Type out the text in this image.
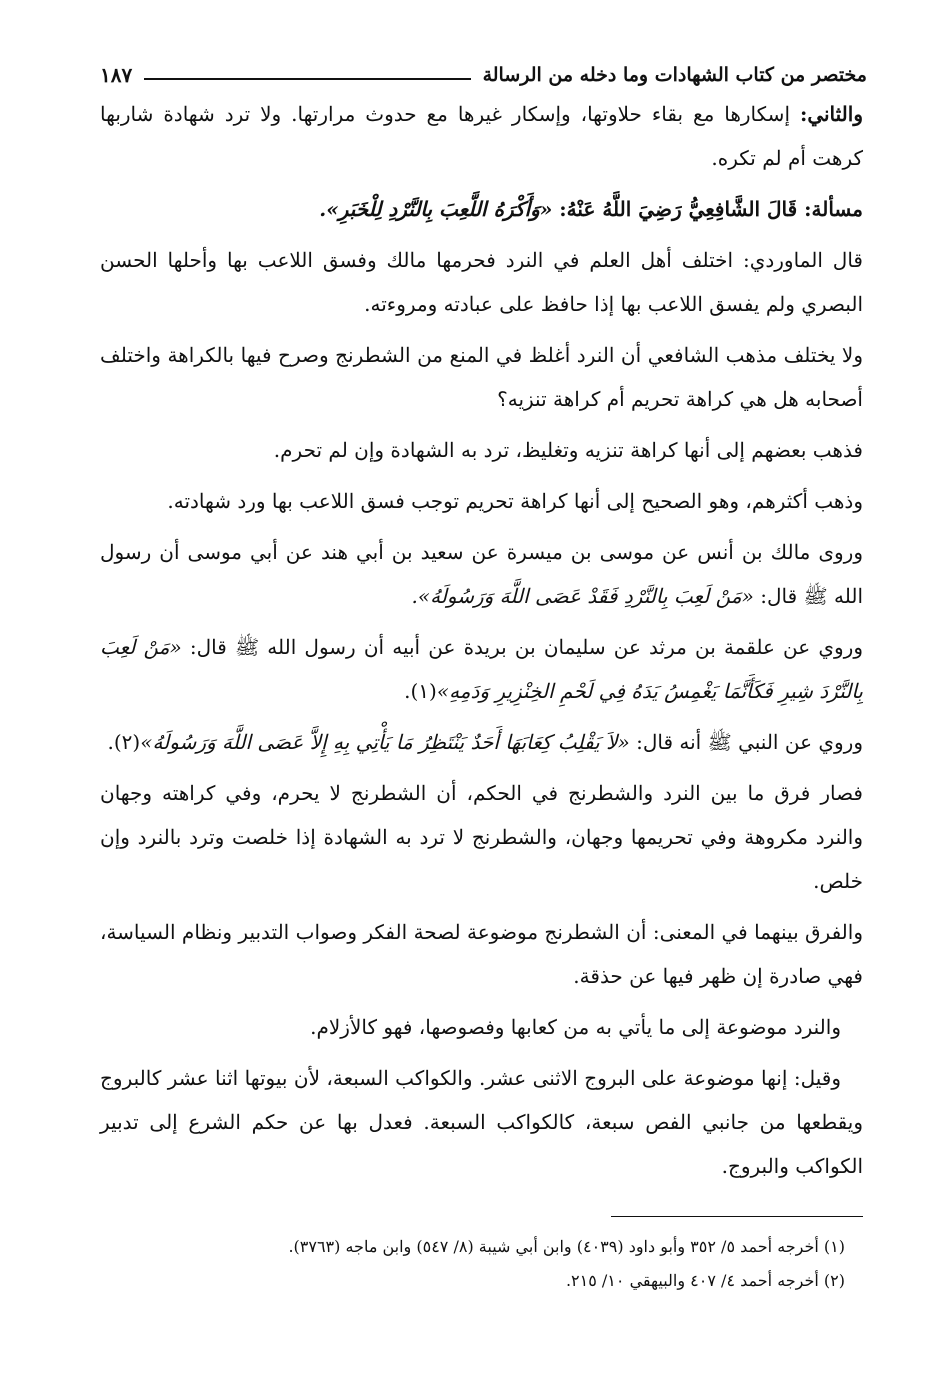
مختصر من كتاب الشهادات وما دخله من الرسالة
١٨٧

والثاني: إسكارها مع بقاء حلاوتها، وإسكار غيرها مع حدوث مرارتها. ولا ترد شهادة شاربها كرهت أم لم تكره.

مسألة: قَالَ الشَّافِعِيُّ رَضِيَ اللَّهُ عَنْهُ: «وَأَكْرَهُ اللَّعِبَ بِالنَّرْدِ لِلْخَبَرِ».

قال الماوردي: اختلف أهل العلم في النرد فحرمها مالك وفسق اللاعب بها وأحلها الحسن البصري ولم يفسق اللاعب بها إذا حافظ على عبادته ومروءته.

ولا يختلف مذهب الشافعي أن النرد أغلظ في المنع من الشطرنج وصرح فيها بالكراهة واختلف أصحابه هل هي كراهة تحريم أم كراهة تنزيه؟

فذهب بعضهم إلى أنها كراهة تنزيه وتغليظ، ترد به الشهادة وإن لم تحرم.

وذهب أكثرهم، وهو الصحيح إلى أنها كراهة تحريم توجب فسق اللاعب بها ورد شهادته.

وروى مالك بن أنس عن موسى بن ميسرة عن سعيد بن أبي هند عن أبي موسى أن رسول الله ﷺ قال: «مَنْ لَعِبَ بِالنَّرْدِ فَقَدْ عَصَى اللَّهَ وَرَسُولَهُ».

وروي عن علقمة بن مرثد عن سليمان بن بريدة عن أبيه أن رسول الله ﷺ قال: «مَنْ لَعِبَ بِالنَّرْدَ شِيرِ فَكَأَنَّمَا يَغْمِسُ يَدَهُ فِي لَحْمِ الخِنْزِيرِ وَدَمِهِ»(١).

وروي عن النبي ﷺ أنه قال: «لاَ يَقْلِبُ كِعَابَهَا أَحَدٌ يَنْتَظِرُ مَا يَأْتِي بِهِ إِلاَّ عَصَى اللَّهَ وَرَسُولَهُ»(٢).

فصار فرق ما بين النرد والشطرنج في الحكم، أن الشطرنج لا يحرم، وفي كراهته وجهان والنرد مكروهة وفي تحريمها وجهان، والشطرنج لا ترد به الشهادة إذا خلصت وترد بالنرد وإن خلص.

والفرق بينهما في المعنى: أن الشطرنج موضوعة لصحة الفكر وصواب التدبير ونظام السياسة، فهي صادرة إن ظهر فيها عن حذقة.

والنرد موضوعة إلى ما يأتي به من كعابها وفصوصها، فهو كالأزلام.

وقيل: إنها موضوعة على البروج الاثنى عشر. والكواكب السبعة، لأن بيوتها اثنا عشر كالبروج ويقطعها من جانبي الفص سبعة، كالكواكب السبعة. فعدل بها عن حكم الشرع إلى تدبير الكواكب والبروج.

(١) أخرجه أحمد ٥/ ٣٥٢ وأبو داود (٤٠٣٩) وابن أبي شيبة (٨/ ٥٤٧) وابن ماجه (٣٧٦٣).

(٢) أخرجه أحمد ٤/ ٤٠٧ والبيهقي ١٠/ ٢١٥.
